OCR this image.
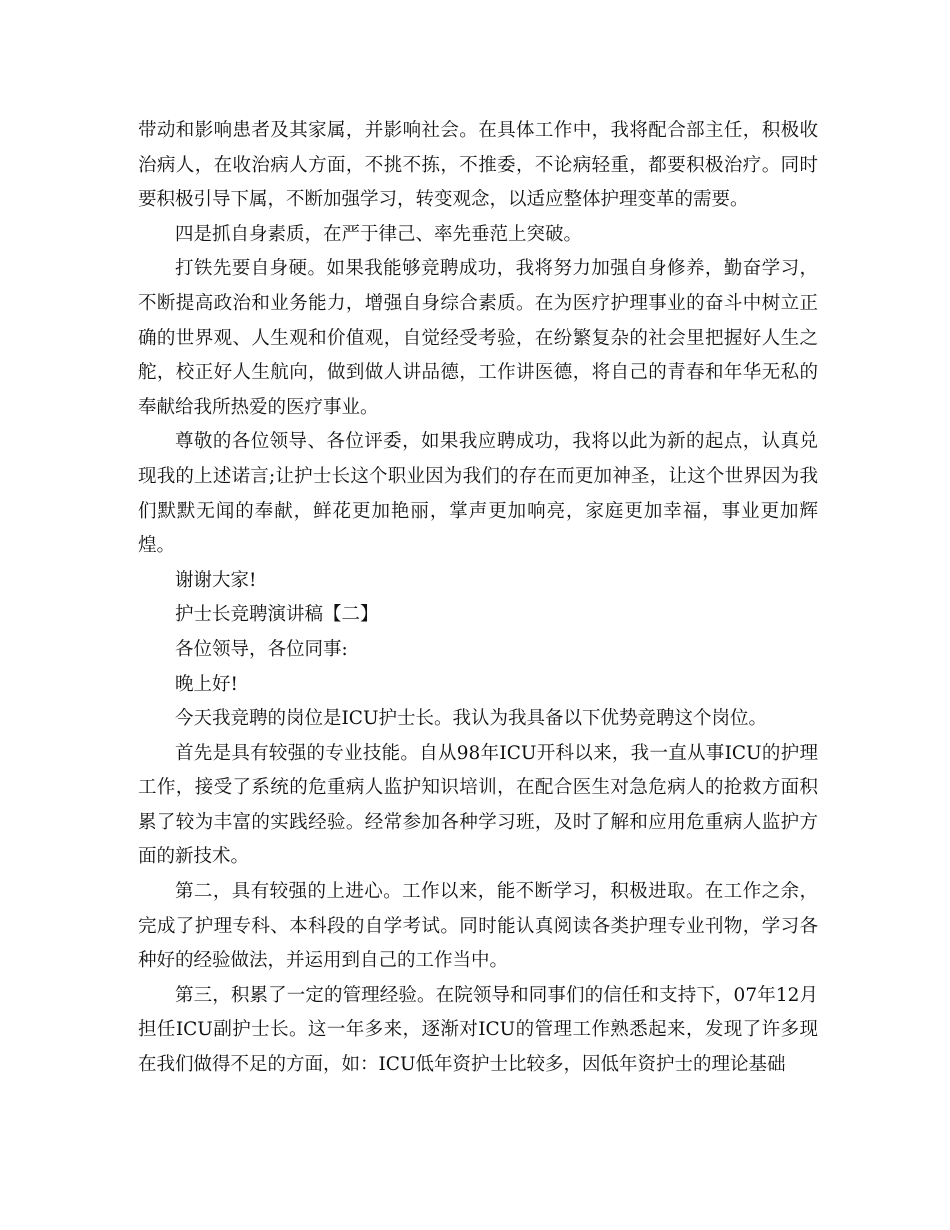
带动和影响患者及其家属，并影响社会。在具体工作中，我将配合部主任，积极收治病人，在收治病人方面，不挑不拣，不推委，不论病轻重，都要积极治疗。同时要积极引导下属，不断加强学习，转变观念，以适应整体护理变革的需要。

四是抓自身素质，在严于律己、率先垂范上突破。

打铁先要自身硬。如果我能够竞聘成功，我将努力加强自身修养，勤奋学习，不断提高政治和业务能力，增强自身综合素质。在为医疗护理事业的奋斗中树立正确的世界观、人生观和价值观，自觉经受考验，在纷繁复杂的社会里把握好人生之舵，校正好人生航向，做到做人讲品德，工作讲医德，将自己的青春和年华无私的奉献给我所热爱的医疗事业。

尊敬的各位领导、各位评委，如果我应聘成功，我将以此为新的起点，认真兑现我的上述诺言;让护士长这个职业因为我们的存在而更加神圣，让这个世界因为我们默默无闻的奉献，鲜花更加艳丽，掌声更加响亮，家庭更加幸福，事业更加辉煌。

谢谢大家!

护士长竞聘演讲稿【二】

各位领导，各位同事:

晚上好!

今天我竞聘的岗位是ICU护士长。我认为我具备以下优势竞聘这个岗位。

首先是具有较强的专业技能。自从98年ICU开科以来，我一直从事ICU的护理工作，接受了系统的危重病人监护知识培训，在配合医生对急危病人的抢救方面积累了较为丰富的实践经验。经常参加各种学习班，及时了解和应用危重病人监护方面的新技术。

第二，具有较强的上进心。工作以来，能不断学习，积极进取。在工作之余，完成了护理专科、本科段的自学考试。同时能认真阅读各类护理专业刊物，学习各种好的经验做法，并运用到自己的工作当中。

第三，积累了一定的管理经验。在院领导和同事们的信任和支持下，07年12月担任ICU副护士长。这一年多来，逐渐对ICU的管理工作熟悉起来，发现了许多现在我们做得不足的方面，如：ICU低年资护士比较多，因低年资护士的理论基础
